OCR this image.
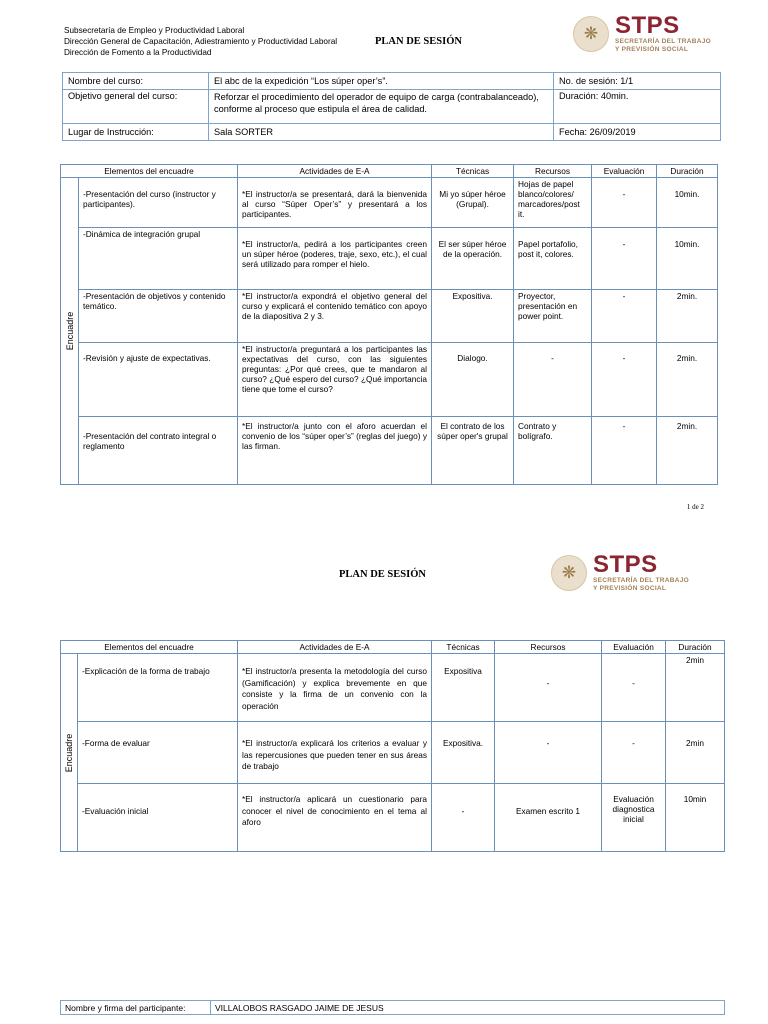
Subsecretaría de Empleo y Productividad Laboral
Dirección General de Capacitación, Adiestramiento y Productividad Laboral
Dirección de Fomento a la Productividad
PLAN DE SESIÓN	❋ STPS
SECRETARÍA DEL TRABAJO
Y PREVISIÓN SOCIAL
Nombre del curso:	El abc de la expedición “Los súper oper’s”.	No. de sesión: 1/1
Objetivo general del curso:	Reforzar el procedimiento del operador de equipo de carga (contrabalanceado), conforme al proceso que estipula el área de calidad.	Duración: 40min.
Lugar de Instrucción:	Sala SORTER	Fecha: 26/09/2019
Elementos del encuadre		Actividades de E-A	Técnicas	Recursos	Evaluación	Duración

Encuadre	-Presentación del curso (instructor y participantes).	*El instructor/a se presentará, dará la bienvenida al curso “Súper Oper’s” y presentará a los participantes.	Mi yo súper héroe (Grupal).	Hojas de papel blanco/colores/ marcadores/post it.	-	10min.
	-Dinámica de integración grupal	*El instructor/a, pedirá a los participantes creen un súper héroe (poderes, traje, sexo, etc.), el cual será utilizado para romper el hielo.	El ser súper héroe de la operación.	Papel portafolio, post it, colores.	-	10min.
	-Presentación de objetivos y contenido temático.	*El instructor/a expondrá el objetivo general del curso y explicará el contenido temático con apoyo de la diapositiva 2 y 3.	Expositiva.	Proyector, presentación en power point.	-	2min.
	-Revisión y ajuste de expectativas.	*El instructor/a preguntará a los participantes las expectativas del curso, con las siguientes preguntas: ¿Por qué crees, que te mandaron al curso? ¿Qué espero del curso? ¿Qué importancia tiene que tome el curso?	Dialogo.	-	-	2min.
	-Presentación del contrato integral o reglamento	*El instructor/a junto con el aforo acuerdan el convenio de los “súper oper’s” (reglas del juego) y las firman.	El contrato de los súper oper's grupal	Contrato y bolígrafo.	-	2min.
1 de 2
PLAN DE SESIÓN	❋ STPS
SECRETARÍA DEL TRABAJO
Y PREVISIÓN SOCIAL
Elementos del encuadre		Actividades de E-A	Técnicas	Recursos	Evaluación	Duración

Encuadre	-Explicación de la forma de trabajo	*El instructor/a presenta la metodología del curso (Gamificación) y explica brevemente en que consiste y la firma de un convenio con la operación	Expositiva	-	-	2min
	-Forma de evaluar	*El instructor/a explicará los criterios a evaluar y las repercusiones que pueden tener en sus áreas de trabajo	Expositiva.	-	-	2min
	-Evaluación inicial	*El instructor/a aplicará un cuestionario para conocer el nivel de conocimiento en el tema al aforo	-	Examen escrito 1	Evaluación diagnostica inicial	10min
Nombre y firma del participante:	VILLALOBOS RASGADO JAIME DE JESUS
